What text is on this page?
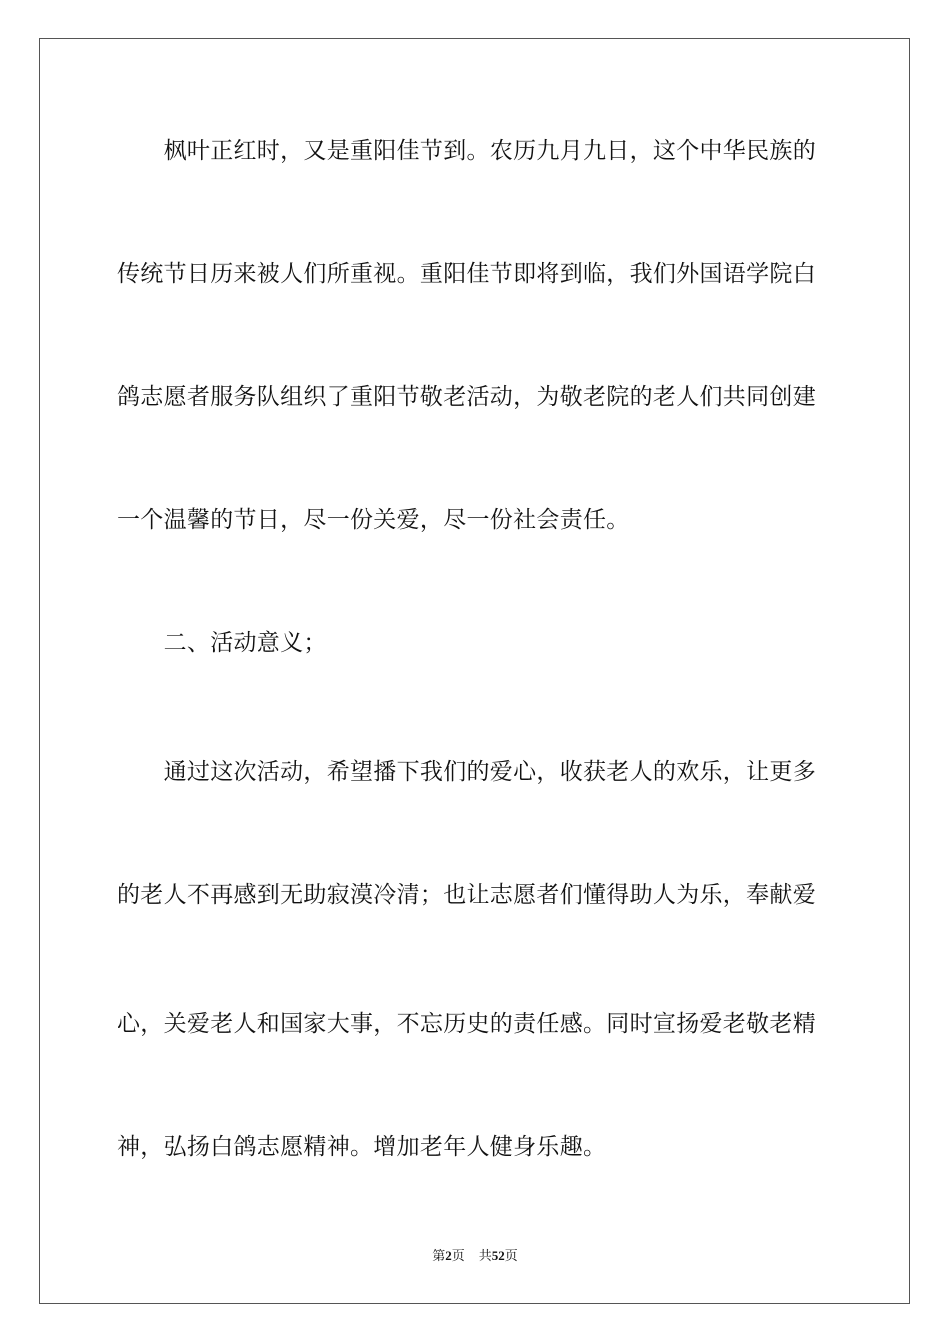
　　枫叶正红时，又是重阳佳节到。农历九月九日，这个中华民族的
传统节日历来被人们所重视。重阳佳节即将到临，我们外国语学院白
鸽志愿者服务队组织了重阳节敬老活动，为敬老院的老人们共同创建
一个温馨的节日，尽一份关爱，尽一份社会责任。
　　二、活动意义；
　　通过这次活动，希望播下我们的爱心，收获老人的欢乐，让更多
的老人不再感到无助寂漠冷清；也让志愿者们懂得助人为乐，奉献爱
心，关爱老人和国家大事，不忘历史的责任感。同时宣扬爱老敬老精
神，弘扬白鸽志愿精神。增加老年人健身乐趣。
第2页 共52页
